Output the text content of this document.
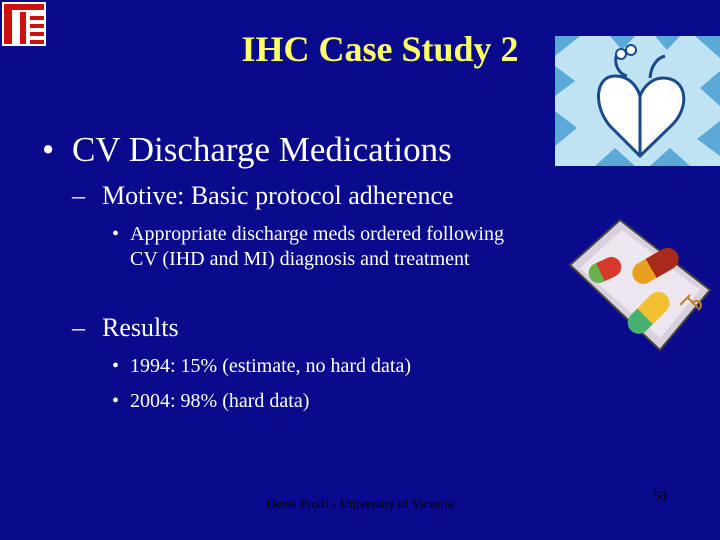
IHC Case Study 2
• CV Discharge Medications
– Motive: Basic protocol adherence
• Appropriate discharge meds ordered following CV (IHD and MI) diagnosis and treatment
– Results
• 1994: 15% (estimate, no hard data)
• 2004: 98% (hard data)
Denis Protti - University of Victoria
50
